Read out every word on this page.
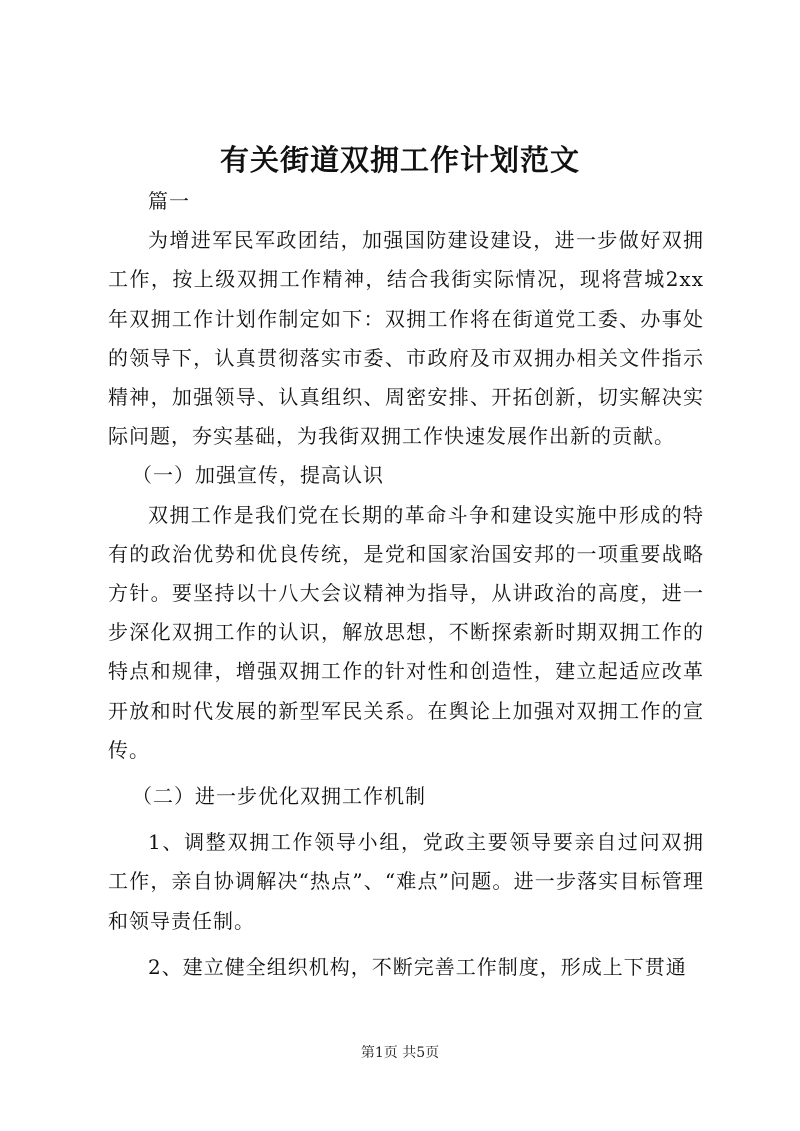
有关街道双拥工作计划范文

篇一

为增进军民军政团结，加强国防建设建设，进一步做好双拥工作，按上级双拥工作精神，结合我街实际情况，现将营城2xx年双拥工作计划作制定如下：双拥工作将在街道党工委、办事处的领导下，认真贯彻落实市委、市政府及市双拥办相关文件指示精神，加强领导、认真组织、周密安排、开拓创新，切实解决实际问题，夯实基础，为我街双拥工作快速发展作出新的贡献。

（一）加强宣传，提高认识

双拥工作是我们党在长期的革命斗争和建设实施中形成的特有的政治优势和优良传统，是党和国家治国安邦的一项重要战略方针。要坚持以十八大会议精神为指导，从讲政治的高度，进一步深化双拥工作的认识，解放思想，不断探索新时期双拥工作的特点和规律，增强双拥工作的针对性和创造性，建立起适应改革开放和时代发展的新型军民关系。在舆论上加强对双拥工作的宣传。

（二）进一步优化双拥工作机制

1、调整双拥工作领导小组，党政主要领导要亲自过问双拥工作，亲自协调解决“热点”、“难点”问题。进一步落实目标管理和领导责任制。

2、建立健全组织机构，不断完善工作制度，形成上下贯通

第1页 共5页
